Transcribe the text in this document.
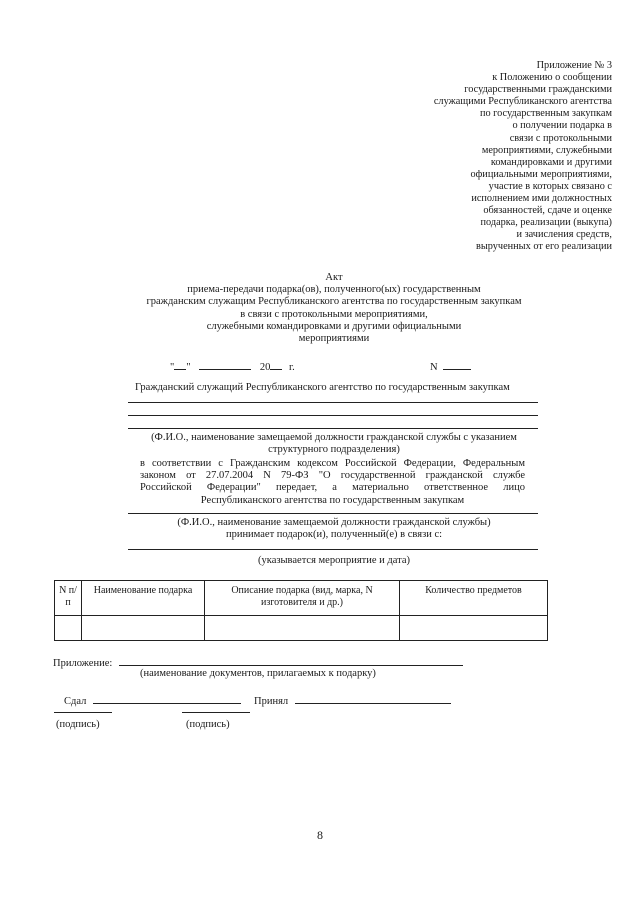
Приложение № 3
к Положению о сообщении
государственными гражданскими
служащими Республиканского агентства
по государственным закупкам
о получении подарка в
связи с протокольными
мероприятиями, служебными
командировками и другими
официальными мероприятиями,
участие в которых связано с
исполнением ими должностных
обязанностей, сдаче и оценке
подарка, реализации (выкупа)
и зачисления средств,
вырученных от его реализации
Акт
приема-передачи подарка(ов), полученного(ых) государственным
гражданским служащим Республиканского агентства по государственным закупкам
в связи с протокольными мероприятиями,
служебными командировками и другими официальными
мероприятиями
" "	20 г.	N
Гражданский служащий Республиканского агентство по государственным закупкам
(Ф.И.О., наименование замещаемой должности гражданской службы с указанием
структурного подразделения)
в соответствии с Гражданским кодексом Российской Федерации, Федеральным
законом от 27.07.2004 N 79-ФЗ "О государственной гражданской службе
Российской Федерации" передает, а материально ответственное лицо
Республиканского агентства по государственным закупкам
(Ф.И.О., наименование замещаемой должности гражданской службы)
принимает подарок(и), полученный(е) в связи с:
(указывается мероприятие и дата)
N п/п	Наименование подарка	Описание подарка (вид, марка, N изготовителя и др.)	Количество предметов

Приложение:
(наименование документов, прилагаемых к подарку)
Сдал	Принял
(подпись)	(подпись)
8
